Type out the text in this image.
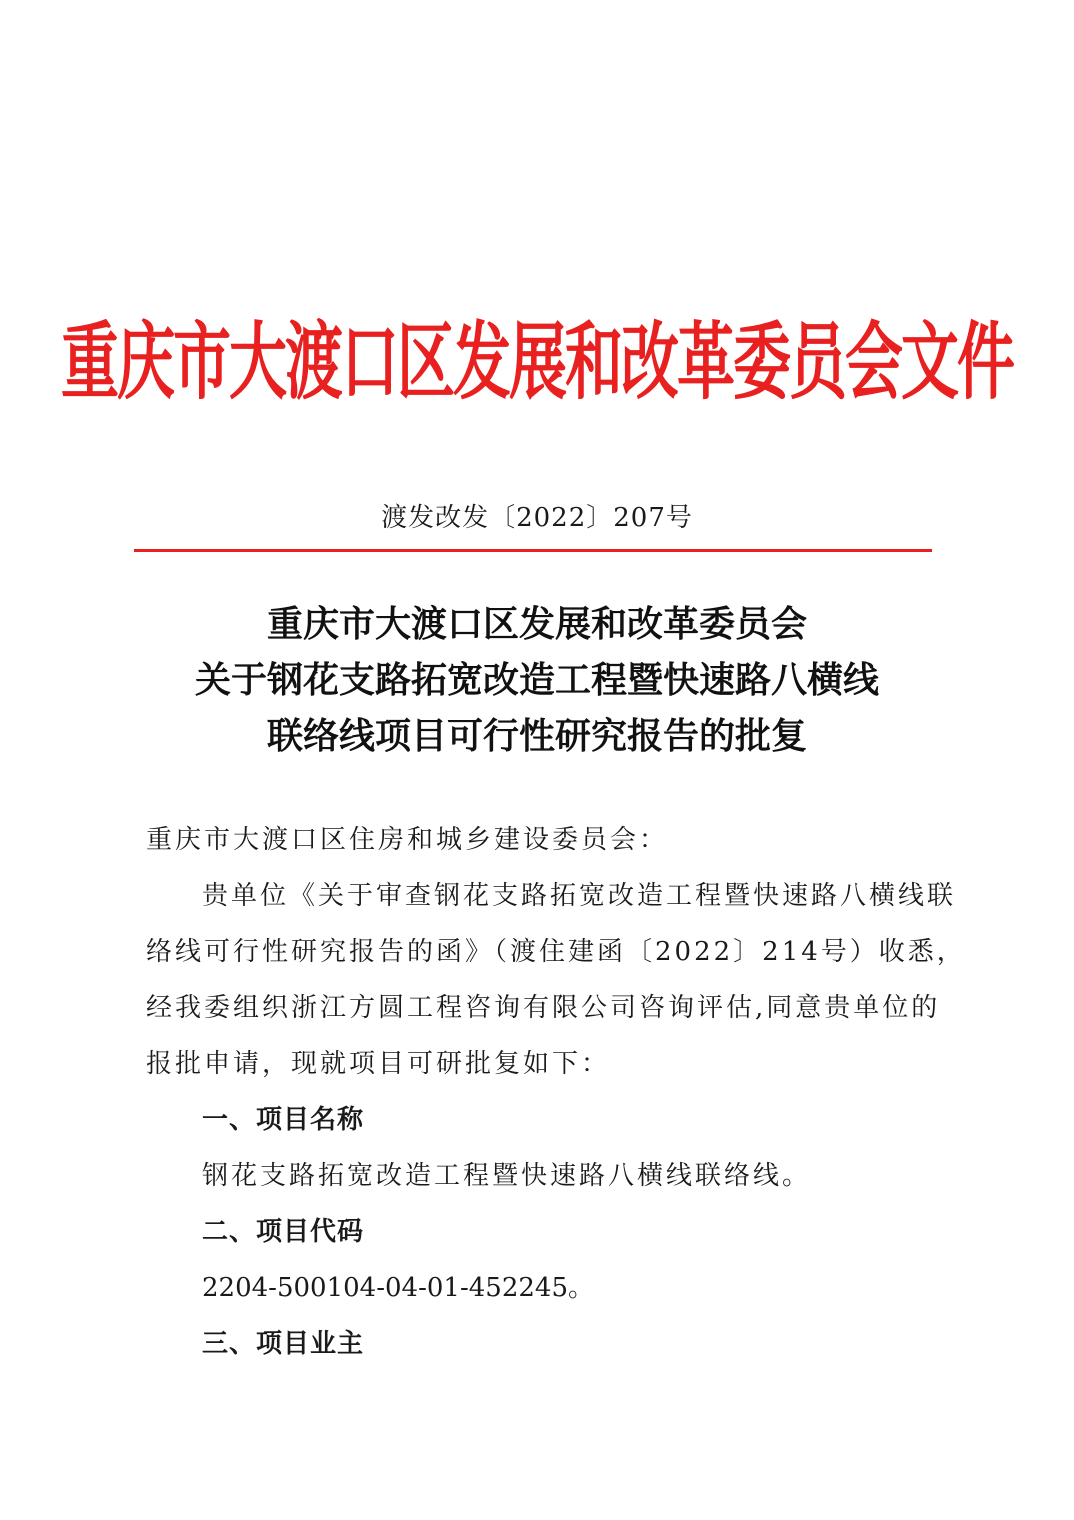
重庆市大渡口区发展和改革委员会文件
渡发改发〔2022〕207号
重庆市大渡口区发展和改革委员会
关于钢花支路拓宽改造工程暨快速路八横线
联络线项目可行性研究报告的批复
重庆市大渡口区住房和城乡建设委员会：
贵单位《关于审查钢花支路拓宽改造工程暨快速路八横线联
络线可行性研究报告的函》（渡住建函〔2022〕214号）收悉，
经我委组织浙江方圆工程咨询有限公司咨询评估,同意贵单位的
报批申请，现就项目可研批复如下：
一、项目名称
钢花支路拓宽改造工程暨快速路八横线联络线。
二、项目代码
2204-500104-04-01-452245。
三、项目业主
